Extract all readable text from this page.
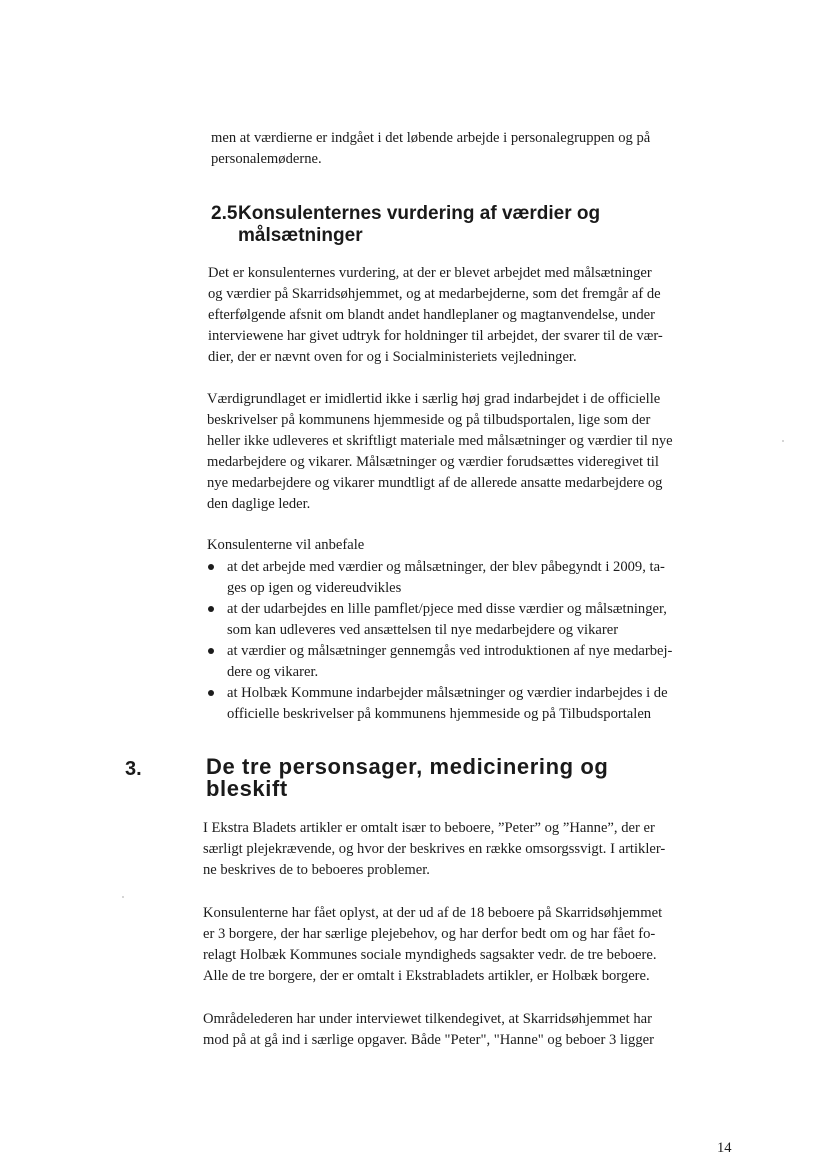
men at værdierne er indgået i det løbende arbejde i personalegruppen og på
personalemøderne.
2.5Konsulenternes vurdering af værdier og
målsætninger
Det er konsulenternes vurdering, at der er blevet arbejdet med målsætninger
og værdier på Skarridsøhjemmet, og at medarbejderne, som det fremgår af de
efterfølgende afsnit om blandt andet handleplaner og magtanvendelse, under
interviewene har givet udtryk for holdninger til arbejdet, der svarer til de vær-
dier, der er nævnt oven for og i Socialministeriets vejledninger.
Værdigrundlaget er imidlertid ikke i særlig høj grad indarbejdet i de officielle
beskrivelser på kommunens hjemmeside og på tilbudsportalen, lige som der
heller ikke udleveres et skriftligt materiale med målsætninger og værdier til nye
medarbejdere og vikarer. Målsætninger og værdier forudsættes videregivet til
nye medarbejdere og vikarer mundtligt af de allerede ansatte medarbejdere og
den daglige leder.
Konsulenterne vil anbefale
at det arbejde med værdier og målsætninger, der blev påbegyndt i 2009, ta-
ges op igen og videreudvikles
at der udarbejdes en lille pamflet/pjece med disse værdier og målsætninger,
som kan udleveres ved ansættelsen til nye medarbejdere og vikarer
at værdier og målsætninger gennemgås ved introduktionen af nye medarbej-
dere og vikarer.
at Holbæk Kommune indarbejder målsætninger og værdier indarbejdes i de
officielle beskrivelser på kommunens hjemmeside og på Tilbudsportalen
3.	De tre personsager, medicinering og
bleskift
I Ekstra Bladets artikler er omtalt især to beboere, ”Peter” og ”Hanne”, der er
særligt plejekrævende, og hvor der beskrives en række omsorgssvigt. I artikler-
ne beskrives de to beboeres problemer.
Konsulenterne har fået oplyst, at der ud af de 18 beboere på Skarridsøhjemmet
er 3 borgere, der har særlige plejebehov, og har derfor bedt om og har fået fo-
relagt Holbæk Kommunes sociale myndigheds sagsakter vedr. de tre beboere.
Alle de tre borgere, der er omtalt i Ekstrabladets artikler, er Holbæk borgere.
Områdelederen har under interviewet tilkendegivet, at Skarridsøhjemmet har
mod på at gå ind i særlige opgaver. Både "Peter", "Hanne" og beboer 3 ligger
14
